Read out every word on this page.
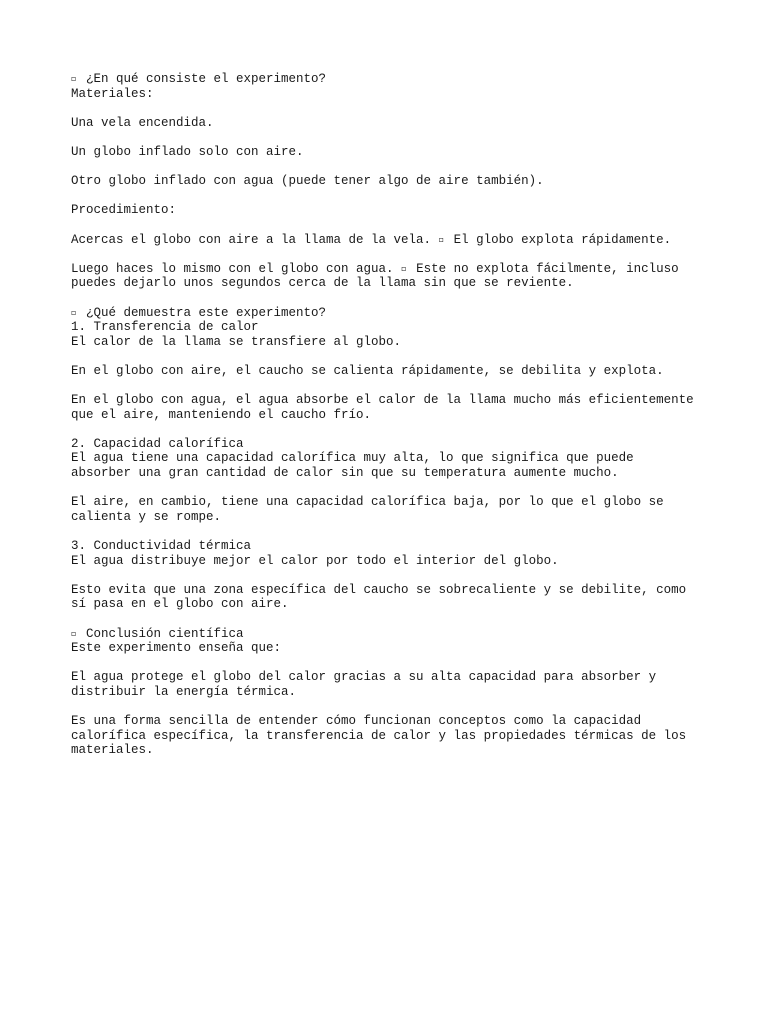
▫ ¿En qué consiste el experimento?
Materiales:
Una vela encendida.
Un globo inflado solo con aire.
Otro globo inflado con agua (puede tener algo de aire también).
Procedimiento:
Acercas el globo con aire a la llama de la vela. ▫ El globo explota rápidamente.
Luego haces lo mismo con el globo con agua. ▫ Este no explota fácilmente, incluso
puedes dejarlo unos segundos cerca de la llama sin que se reviente.
▫ ¿Qué demuestra este experimento?
1. Transferencia de calor
El calor de la llama se transfiere al globo.
En el globo con aire, el caucho se calienta rápidamente, se debilita y explota.
En el globo con agua, el agua absorbe el calor de la llama mucho más eficientemente
que el aire, manteniendo el caucho frío.
2. Capacidad calorífica
El agua tiene una capacidad calorífica muy alta, lo que significa que puede
absorber una gran cantidad de calor sin que su temperatura aumente mucho.
El aire, en cambio, tiene una capacidad calorífica baja, por lo que el globo se
calienta y se rompe.
3. Conductividad térmica
El agua distribuye mejor el calor por todo el interior del globo.
Esto evita que una zona específica del caucho se sobrecaliente y se debilite, como
sí pasa en el globo con aire.
▫ Conclusión científica
Este experimento enseña que:
El agua protege el globo del calor gracias a su alta capacidad para absorber y
distribuir la energía térmica.
Es una forma sencilla de entender cómo funcionan conceptos como la capacidad
calorífica específica, la transferencia de calor y las propiedades térmicas de los
materiales.
